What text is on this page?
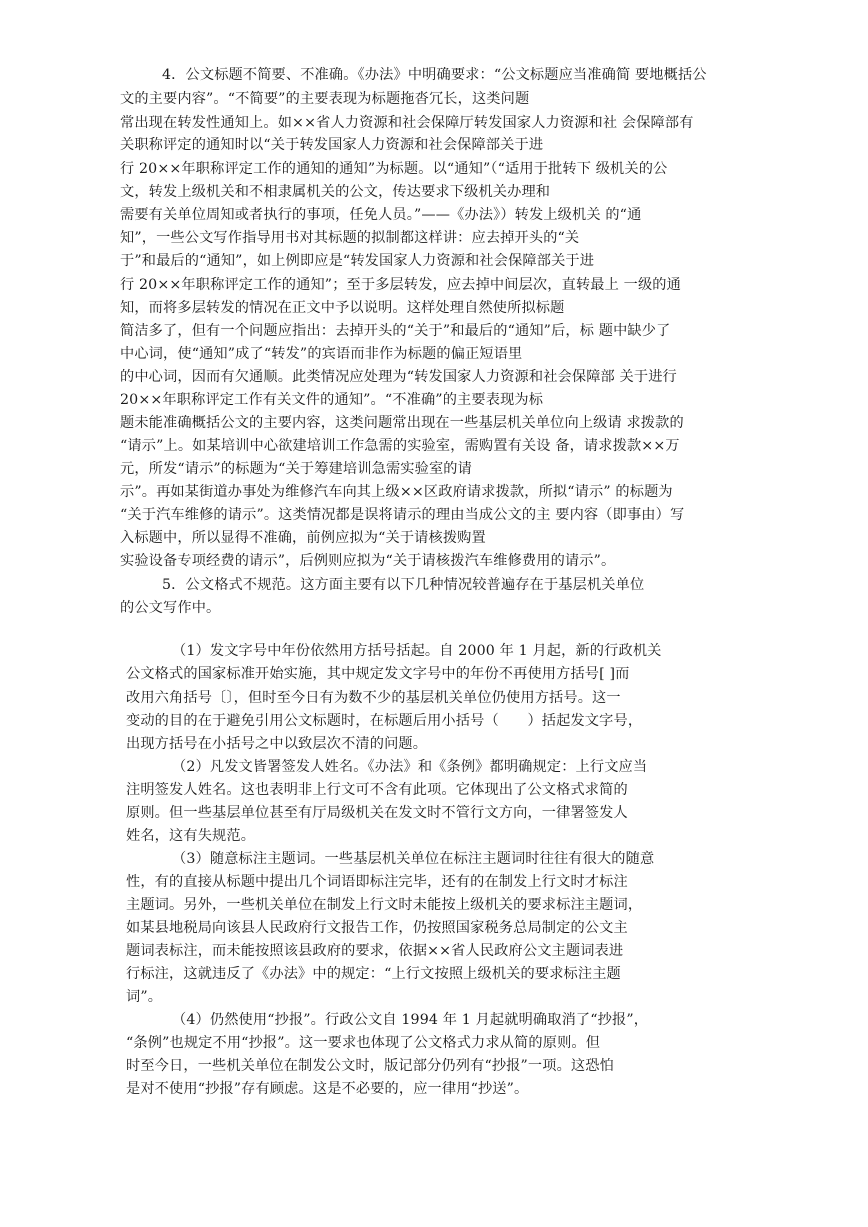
4．公文标题不简要、不准确。《办法》中明确要求：“公文标题应当准确简 要地概括公
文的主要内容”。“不简要”的主要表现为标题拖沓冗长，这类问题
常出现在转发性通知上。如××省人力资源和社会保障厅转发国家人力资源和社 会保障部有
关职称评定的通知时以“关于转发国家人力资源和社会保障部关于进
行 20××年职称评定工作的通知的通知”为标题。以“通知”（“适用于批转下 级机关的公
文，转发上级机关和不相隶属机关的公文，传达要求下级机关办理和
需要有关单位周知或者执行的事项，任免人员。”——《办法》）转发上级机关 的“通
知”，一些公文写作指导用书对其标题的拟制都这样讲：应去掉开头的“关
于”和最后的“通知”，如上例即应是“转发国家人力资源和社会保障部关于进
行 20××年职称评定工作的通知”；至于多层转发，应去掉中间层次，直转最上 一级的通
知，而将多层转发的情况在正文中予以说明。这样处理自然使所拟标题
简洁多了，但有一个问题应指出：去掉开头的“关于”和最后的“通知”后，标 题中缺少了
中心词，使“通知”成了“转发”的宾语而非作为标题的偏正短语里
的中心词，因而有欠通顺。此类情况应处理为“转发国家人力资源和社会保障部 关于进行
20××年职称评定工作有关文件的通知”。“不准确”的主要表现为标
题未能准确概括公文的主要内容，这类问题常出现在一些基层机关单位向上级请 求拨款的
“请示”上。如某培训中心欲建培训工作急需的实验室，需购置有关设 备，请求拨款××万
元，所发“请示”的标题为“关于筹建培训急需实验室的请
示”。再如某街道办事处为维修汽车向其上级××区政府请求拨款，所拟“请示” 的标题为
“关于汽车维修的请示”。这类情况都是误将请示的理由当成公文的主 要内容（即事由）写
入标题中，所以显得不准确，前例应拟为“关于请核拨购置
实验设备专项经费的请示”，后例则应拟为“关于请核拨汽车维修费用的请示”。
5．公文格式不规范。这方面主要有以下几种情况较普遍存在于基层机关单位
的公文写作中。
（1）发文字号中年份依然用方括号括起。自 2000 年 1 月起，新的行政机关
公文格式的国家标准开始实施，其中规定发文字号中的年份不再使用方括号[ ]而
改用六角括号〔〕，但时至今日有为数不少的基层机关单位仍使用方括号。这一
变动的目的在于避免引用公文标题时，在标题后用小括号（　　）括起发文字号，
出现方括号在小括号之中以致层次不清的问题。
（2）凡发文皆署签发人姓名。《办法》和《条例》都明确规定：上行文应当
注明签发人姓名。这也表明非上行文可不含有此项。它体现出了公文格式求简的
原则。但一些基层单位甚至有厅局级机关在发文时不管行文方向，一律署签发人
姓名，这有失规范。
（3）随意标注主题词。一些基层机关单位在标注主题词时往往有很大的随意
性，有的直接从标题中提出几个词语即标注完毕，还有的在制发上行文时才标注
主题词。另外，一些机关单位在制发上行文时未能按上级机关的要求标注主题词，
如某县地税局向该县人民政府行文报告工作，仍按照国家税务总局制定的公文主
题词表标注，而未能按照该县政府的要求，依据××省人民政府公文主题词表进
行标注，这就违反了《办法》中的规定：“上行文按照上级机关的要求标注主题
词”。
（4）仍然使用“抄报”。行政公文自 1994 年 1 月起就明确取消了“抄报”，
“条例”也规定不用“抄报”。这一要求也体现了公文格式力求从简的原则。但
时至今日，一些机关单位在制发公文时，版记部分仍列有“抄报”一项。这恐怕
是对不使用“抄报”存有顾虑。这是不必要的，应一律用“抄送”。
